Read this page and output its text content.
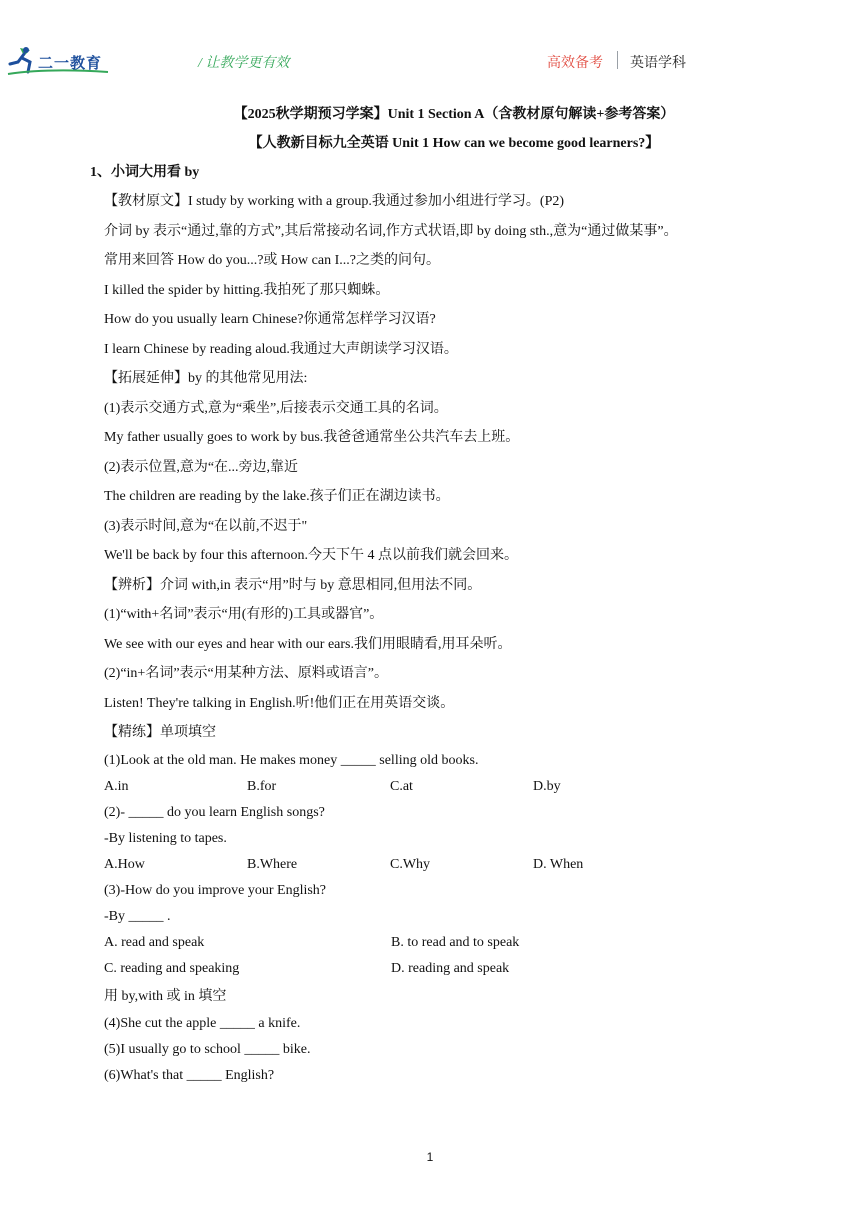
二一教育	/ 让教学更有效	高效备考 英语学科
【2025秋学期预习学案】Unit 1 Section A（含教材原句解读+参考答案）
【人教新目标九全英语 Unit 1 How can we become good learners?】
1、小词大用看 by
【教材原文】I study by working with a group.我通过参加小组进行学习。(P2)
介词 by 表示“通过,靠的方式”,其后常接动名词,作方式状语,即 by doing sth.,意为“通过做某事”。
常用来回答 How do you...?或 How can I...?之类的问句。
I killed the spider by hitting.我拍死了那只蜘蛛。
How do you usually learn Chinese?你通常怎样学习汉语?
I learn Chinese by reading aloud.我通过大声朗读学习汉语。
【拓展延伸】by 的其他常见用法:
(1)表示交通方式,意为“乘坐”,后接表示交通工具的名词。
My father usually goes to work by bus.我爸爸通常坐公共汽车去上班。
(2)表示位置,意为“在...旁边,靠近
The children are reading by the lake.孩子们正在湖边读书。
(3)表示时间,意为“在以前,不迟于"
We'll be back by four this afternoon.今天下午 4 点以前我们就会回来。
【辨析】介词 with,in 表示“用”时与 by 意思相同,但用法不同。
(1)“with+名词”表示“用(有形的)工具或器官”。
We see with our eyes and hear with our ears.我们用眼睛看,用耳朵听。
(2)“in+名词”表示“用某种方法、原料或语言”。
Listen! They're talking in English.听!他们正在用英语交谈。
【精练】单项填空
(1)Look at the old man. He makes money _____ selling old books.
A.in	B.for	C.at	D.by
(2)- _____ do you learn English songs?
-By listening to tapes.
A.How	B.Where	C.Why	D. When
(3)-How do you improve your English?
-By _____ .
A. read and speak	B. to read and to speak
C. reading and speaking	D. reading and speak
用 by,with 或 in 填空
(4)She cut the apple _____ a knife.
(5)I usually go to school _____ bike.
(6)What's that _____ English?
1
